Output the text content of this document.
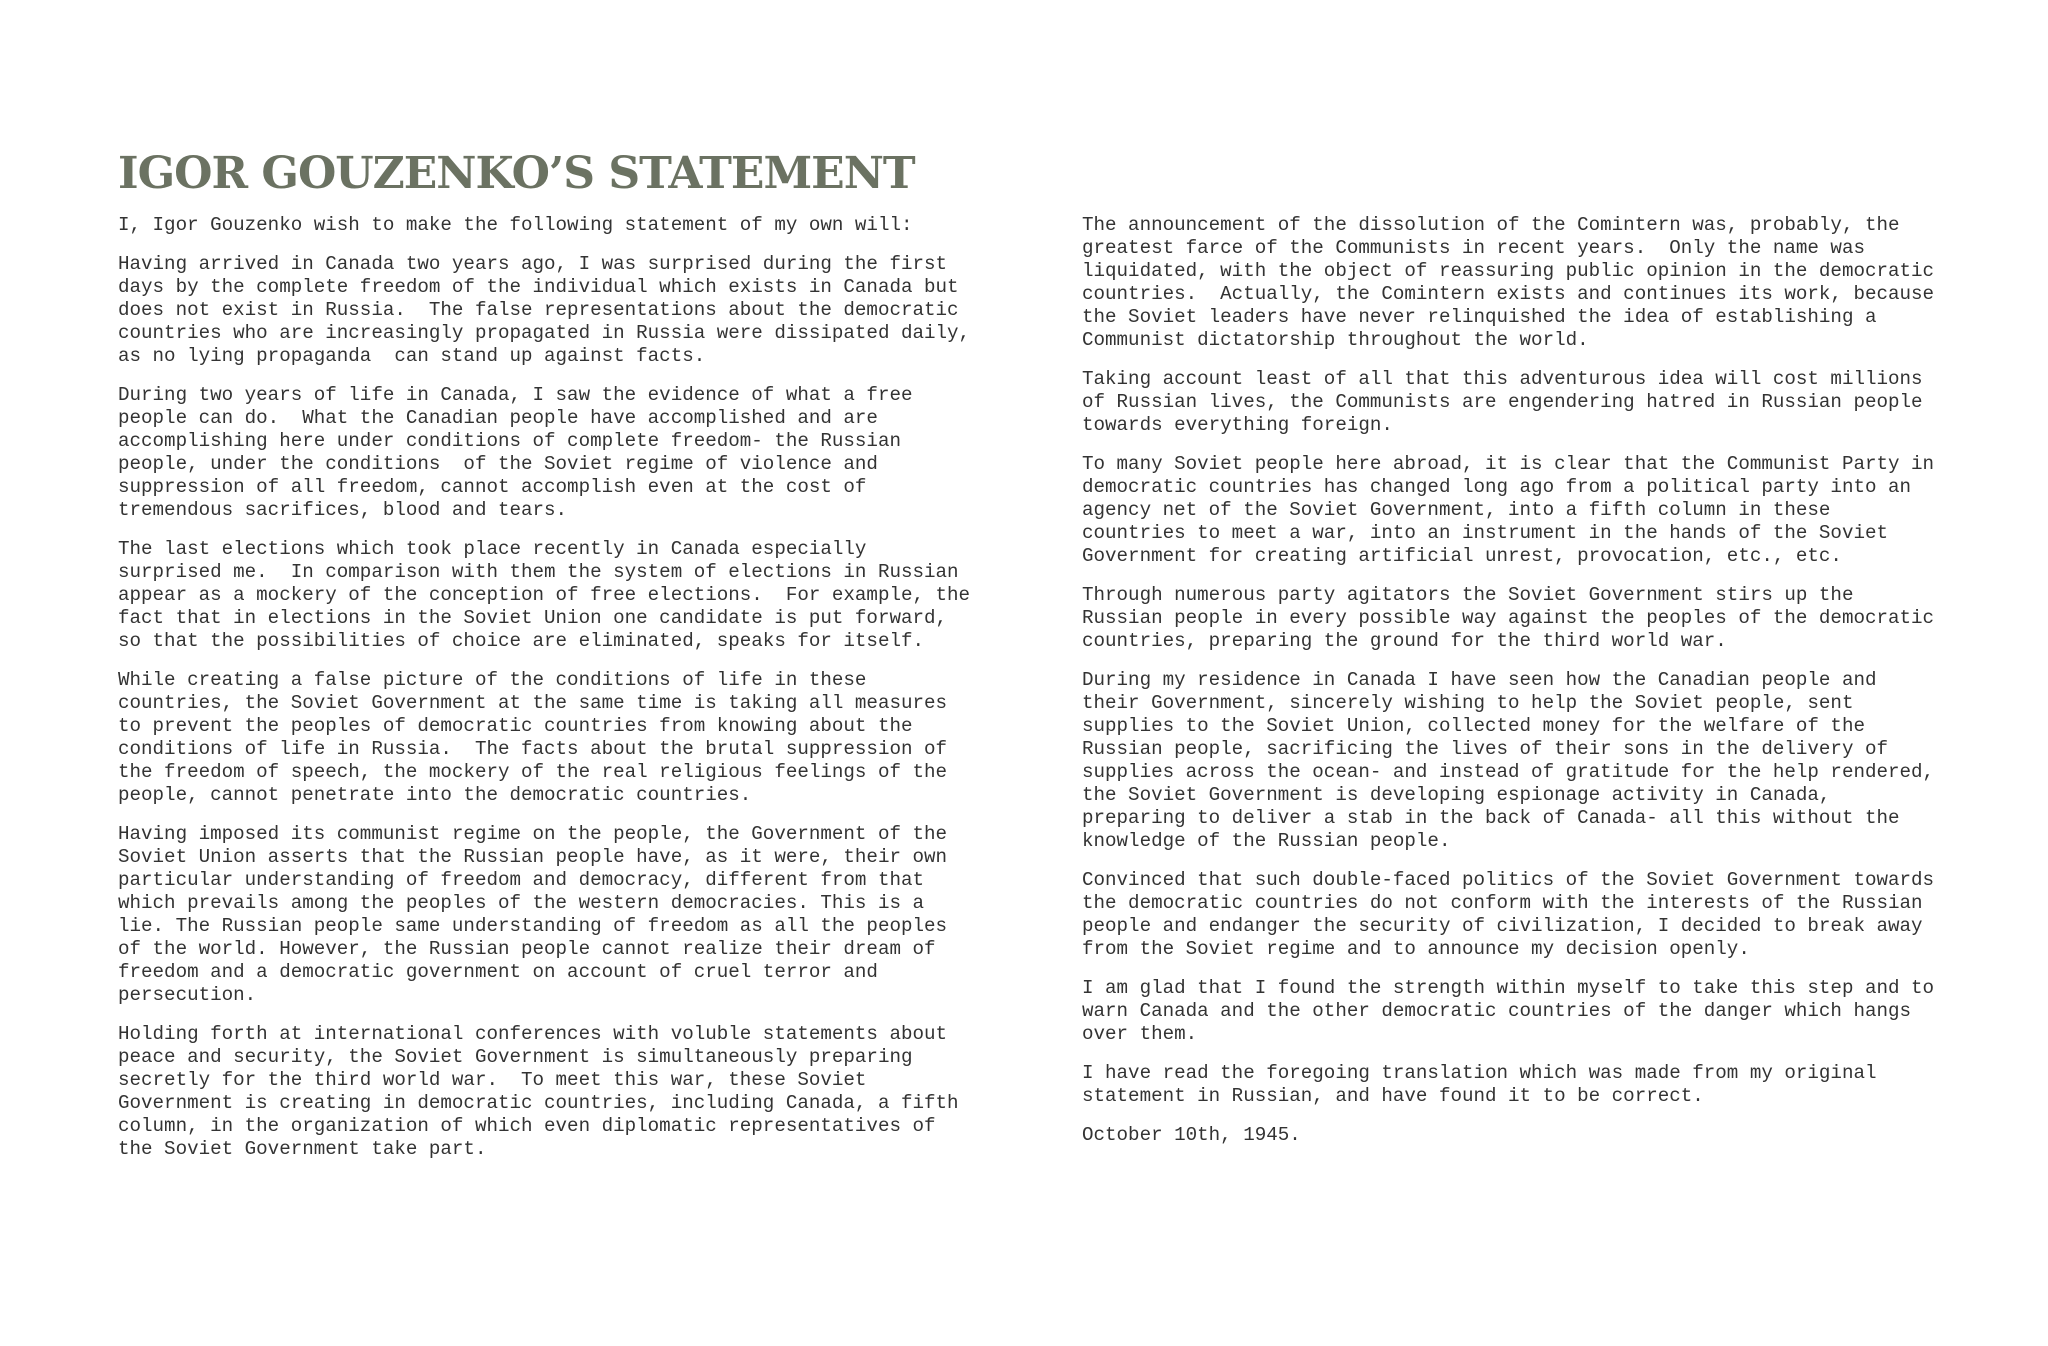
IGOR GOUZENKO’S STATEMENT

I, Igor Gouzenko wish to make the following statement of my own will:

Having arrived in Canada two years ago, I was surprised during the first
days by the complete freedom of the individual which exists in Canada but
does not exist in Russia.  The false representations about the democratic
countries who are increasingly propagated in Russia were dissipated daily,
as no lying propaganda  can stand up against facts.

During two years of life in Canada, I saw the evidence of what a free
people can do.  What the Canadian people have accomplished and are
accomplishing here under conditions of complete freedom- the Russian
people, under the conditions  of the Soviet regime of violence and
suppression of all freedom, cannot accomplish even at the cost of
tremendous sacrifices, blood and tears.

The last elections which took place recently in Canada especially
surprised me.  In comparison with them the system of elections in Russian
appear as a mockery of the conception of free elections.  For example, the
fact that in elections in the Soviet Union one candidate is put forward,
so that the possibilities of choice are eliminated, speaks for itself.

While creating a false picture of the conditions of life in these
countries, the Soviet Government at the same time is taking all measures
to prevent the peoples of democratic countries from knowing about the
conditions of life in Russia.  The facts about the brutal suppression of
the freedom of speech, the mockery of the real religious feelings of the
people, cannot penetrate into the democratic countries.

Having imposed its communist regime on the people, the Government of the
Soviet Union asserts that the Russian people have, as it were, their own
particular understanding of freedom and democracy, different from that
which prevails among the peoples of the western democracies. This is a
lie. The Russian people same understanding of freedom as all the peoples
of the world. However, the Russian people cannot realize their dream of
freedom and a democratic government on account of cruel terror and
persecution.

Holding forth at international conferences with voluble statements about
peace and security, the Soviet Government is simultaneously preparing
secretly for the third world war.  To meet this war, these Soviet
Government is creating in democratic countries, including Canada, a fifth
column, in the organization of which even diplomatic representatives of
the Soviet Government take part.

The announcement of the dissolution of the Comintern was, probably, the
greatest farce of the Communists in recent years.  Only the name was
liquidated, with the object of reassuring public opinion in the democratic
countries.  Actually, the Comintern exists and continues its work, because
the Soviet leaders have never relinquished the idea of establishing a
Communist dictatorship throughout the world.

Taking account least of all that this adventurous idea will cost millions
of Russian lives, the Communists are engendering hatred in Russian people
towards everything foreign.

To many Soviet people here abroad, it is clear that the Communist Party in
democratic countries has changed long ago from a political party into an
agency net of the Soviet Government, into a fifth column in these
countries to meet a war, into an instrument in the hands of the Soviet
Government for creating artificial unrest, provocation, etc., etc.

Through numerous party agitators the Soviet Government stirs up the
Russian people in every possible way against the peoples of the democratic
countries, preparing the ground for the third world war.

During my residence in Canada I have seen how the Canadian people and
their Government, sincerely wishing to help the Soviet people, sent
supplies to the Soviet Union, collected money for the welfare of the
Russian people, sacrificing the lives of their sons in the delivery of
supplies across the ocean- and instead of gratitude for the help rendered,
the Soviet Government is developing espionage activity in Canada,
preparing to deliver a stab in the back of Canada- all this without the
knowledge of the Russian people.

Convinced that such double-faced politics of the Soviet Government towards
the democratic countries do not conform with the interests of the Russian
people and endanger the security of civilization, I decided to break away
from the Soviet regime and to announce my decision openly.

I am glad that I found the strength within myself to take this step and to
warn Canada and the other democratic countries of the danger which hangs
over them.

I have read the foregoing translation which was made from my original
statement in Russian, and have found it to be correct.

October 10th, 1945.
